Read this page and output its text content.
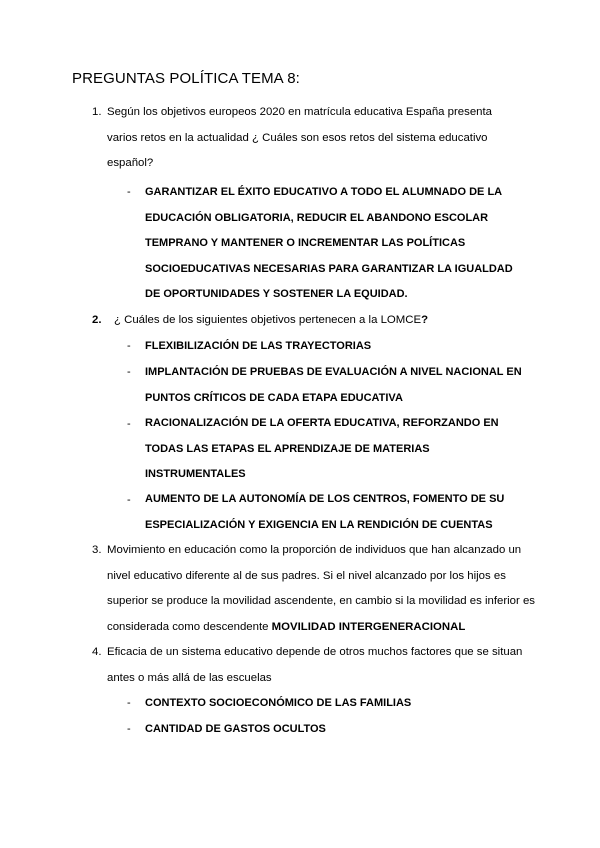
PREGUNTAS POLÍTICA TEMA 8:
1. Según los objetivos europeos 2020 en matrícula educativa España presenta
varios retos en la actualidad ¿ Cuáles son esos retos del sistema educativo
español?
- GARANTIZAR EL ÉXITO EDUCATIVO A TODO EL ALUMNADO DE LA
EDUCACIÓN OBLIGATORIA, REDUCIR EL ABANDONO ESCOLAR
TEMPRANO Y MANTENER O INCREMENTAR LAS POLÍTICAS
SOCIOEDUCATIVAS NECESARIAS PARA GARANTIZAR LA IGUALDAD
DE OPORTUNIDADES Y SOSTENER LA EQUIDAD.
2. ¿ Cuáles de los siguientes objetivos pertenecen a la LOMCE?
- FLEXIBILIZACIÓN DE LAS TRAYECTORIAS
- IMPLANTACIÓN DE PRUEBAS DE EVALUACIÓN A NIVEL NACIONAL EN
PUNTOS CRÍTICOS DE CADA ETAPA EDUCATIVA
- RACIONALIZACIÓN DE LA OFERTA EDUCATIVA, REFORZANDO EN
TODAS LAS ETAPAS EL APRENDIZAJE DE MATERIAS
INSTRUMENTALES
- AUMENTO DE LA AUTONOMÍA DE LOS CENTROS, FOMENTO DE SU
ESPECIALIZACIÓN Y EXIGENCIA EN LA RENDICIÓN DE CUENTAS
3. Movimiento en educación como la proporción de individuos que han alcanzado un
nivel educativo diferente al de sus padres. Si el nivel alcanzado por los hijos es
superior se produce la movilidad ascendente, en cambio si la movilidad es inferior es
considerada como descendente MOVILIDAD INTERGENERACIONAL
4. Eficacia de un sistema educativo depende de otros muchos factores que se situan
antes o más allá de las escuelas
- CONTEXTO SOCIOECONÓMICO DE LAS FAMILIAS
- CANTIDAD DE GASTOS OCULTOS
